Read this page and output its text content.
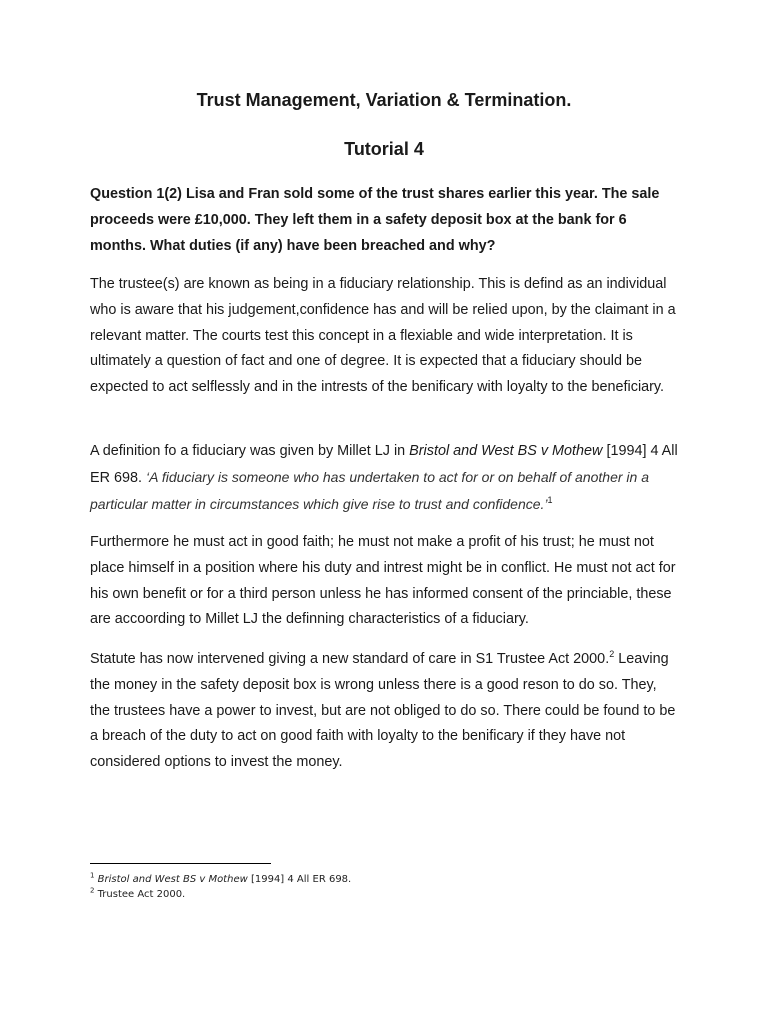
Trust Management, Variation & Termination.
Tutorial 4

Question 1(2) Lisa and Fran sold some of the trust shares earlier this year. The sale proceeds were £10,000. They left them in a safety deposit box at the bank for 6 months. What duties (if any) have been breached and why?

The trustee(s) are known as being in a fiduciary relationship. This is defind as an individual who is aware that his judgement,confidence has and will be relied upon, by the claimant in a relevant matter. The courts test this concept in a flexiable and wide interpretation. It is ultimately a question of fact and one of degree. It is expected that a fiduciary should be expected to act selflessly and in the intrests of the benificary with loyalty to the beneficiary.

A definition fo a fiduciary was given by Millet LJ in Bristol and West BS v Mothew [1994] 4 All ER 698. ‘A fiduciary is someone who has undertaken to act for or on behalf of another in a particular matter in circumstances which give rise to trust and confidence.’$^1$

Furthermore he must act in good faith; he must not make a profit of his trust; he must not place himself in a position where his duty and intrest might be in conflict. He must not act for his own benefit or for a third person unless he has informed consent of the princiable, these are accoording to Millet LJ the definning characteristics of a fiduciary.

Statute has now intervened giving a new standard of care in S1 Trustee Act 2000.$^2$ Leaving the money in the safety deposit box is wrong unless there is a good reson to do so. They, the trustees have a power to invest, but are not obliged to do so. There could be found to be a breach of the duty to act on good faith with loyalty to the benificary if they have not considered options to invest the money.

$^1$ Bristol and West BS v Mothew [1994] 4 All ER 698.

$^2$ Trustee Act 2000.
